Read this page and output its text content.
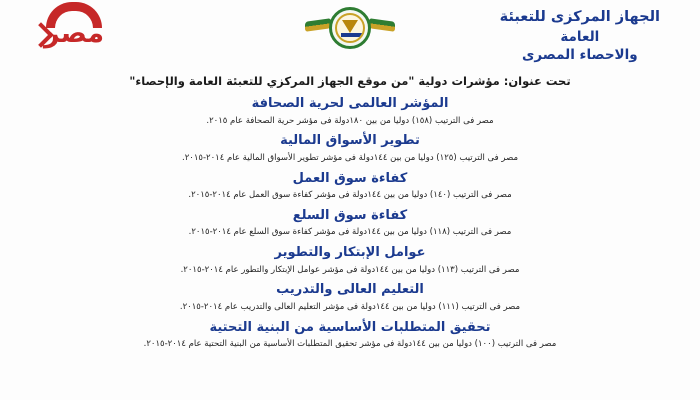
الجهاز المركزى للتعبئة
العامة
والاحصاء المصرى
مصر
تحت عنوان: مؤشرات دولية "من موقع الجهاز المركزي للتعبئة العامة والإحصاء"
المؤشر العالمى لحرية الصحافة
مصر فى الترتيب (١٥٨) دوليا من بين ١٨٠دولة فى مؤشر حرية الصحافة عام ٢٠١٥.
تطوير الأسواق المالية
مصر فى الترتيب (١٢٥) دوليا من بين ١٤٤دولة فى مؤشر تطوير الأسواق المالية عام ٢٠١٤-٢٠١٥.
كفاءة سوق العمل
مصر فى الترتيب (١٤٠) دوليا من بين ١٤٤دولة فى مؤشر كفاءة سوق العمل عام ٢٠١٤-٢٠١٥.
كفاءة سوق السلع
مصر فى الترتيب (١١٨) دوليا من بين ١٤٤دولة فى مؤشر كفاءة سوق السلع عام ٢٠١٤-٢٠١٥.
عوامل الإبتكار والتطوير
مصر فى الترتيب (١١٣) دوليا من بين ١٤٤دولة فى مؤشر عوامل الإبتكار والتطور عام ٢٠١٤-٢٠١٥.
التعليم العالى والتدريب
مصر فى الترتيب (١١١) دوليا من بين ١٤٤دولة فى مؤشر التعليم العالى والتدريب عام ٢٠١٤-٢٠١٥.
تحقيق المتطلبات الأساسية من البنية التحتية
مصر فى الترتيب (١٠٠) دوليا من بين ١٤٤دولة فى مؤشر تحقيق المتطلبات الأساسية من البنية التحتية عام ٢٠١٤-٢٠١٥.
